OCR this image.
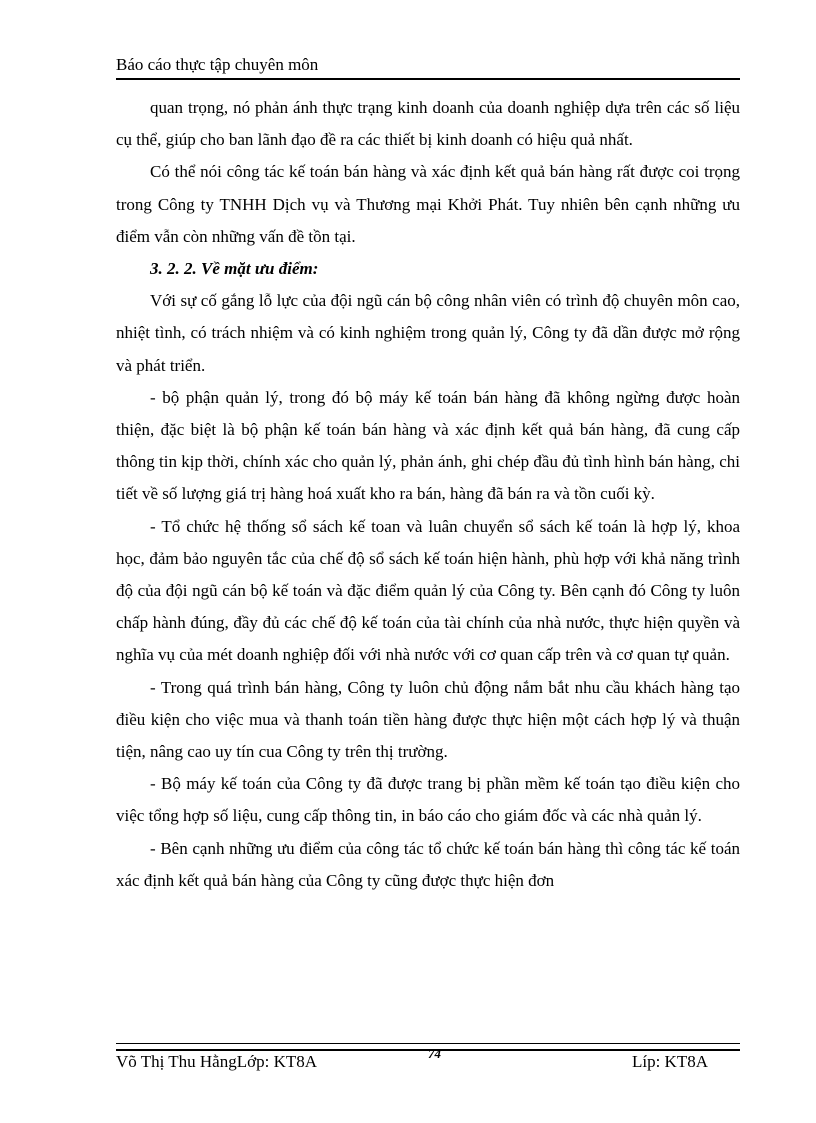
Báo cáo thực tập chuyên môn

quan trọng, nó phản ánh thực trạng kinh doanh của doanh nghiệp dựa trên các số liệu cụ thể, giúp cho ban lãnh đạo đề ra các thiết bị kinh doanh có hiệu quả nhất.

Có thể nói công tác kế toán bán hàng và xác định kết quả bán hàng rất được coi trọng trong Công ty TNHH Dịch vụ và Thương mại Khởi Phát. Tuy nhiên bên cạnh những ưu điểm vẫn còn những vấn đề tồn tại.

3. 2. 2. Về mặt ưu điểm:

Với sự cố gắng lỗ lực của đội ngũ cán bộ công nhân viên có trình độ chuyên môn cao, nhiệt tình, có trách nhiệm và có kinh nghiệm trong quản lý, Công ty đã dần được mở rộng và phát triển.

- bộ phận quản lý, trong đó bộ máy kế toán bán hàng đã không ngừng được hoàn thiện, đặc biệt là bộ phận kế toán bán hàng và xác định kết quả bán hàng, đã cung cấp thông tin kịp thời, chính xác cho quản lý, phản ánh, ghi chép đầu đủ tình hình bán hàng, chi tiết về số lượng giá trị hàng hoá xuất kho ra bán, hàng đã bán ra và tồn cuối kỳ.

- Tổ chức hệ thống sổ sách kế toan và luân chuyển sổ sách kế toán là hợp lý, khoa học, đảm bảo nguyên tắc của chế độ sổ sách kế toán hiện hành, phù hợp với khả năng trình độ của đội ngũ cán bộ kế toán và đặc điểm quản lý của Công ty. Bên cạnh đó Công ty luôn chấp hành đúng, đầy đủ các chế độ kế toán của tài chính của nhà nước, thực hiện quyền và nghĩa vụ của mét doanh nghiệp đối với nhà nước với cơ quan cấp trên và cơ quan tự quản.

- Trong quá trình bán hàng, Công ty luôn chủ động nắm bắt nhu cầu khách hàng tạo điều kiện cho việc mua và thanh toán tiền hàng được thực hiện một cách hợp lý và thuận tiện, nâng cao uy tín cua Công ty trên thị trường.

- Bộ máy kế toán của Công ty đã được trang bị phần mềm kế toán tạo điều kiện cho việc tổng hợp số liệu, cung cấp thông tin, in báo cáo cho giám đốc và các nhà quản lý.

- Bên cạnh những ưu điểm của công tác tổ chức kế toán bán hàng thì công tác kế toán xác định kết quả bán hàng của Công ty cũng được thực hiện đơn

Võ Thị Thu HằngLớp: KT8A	74	Líp: KT8A
